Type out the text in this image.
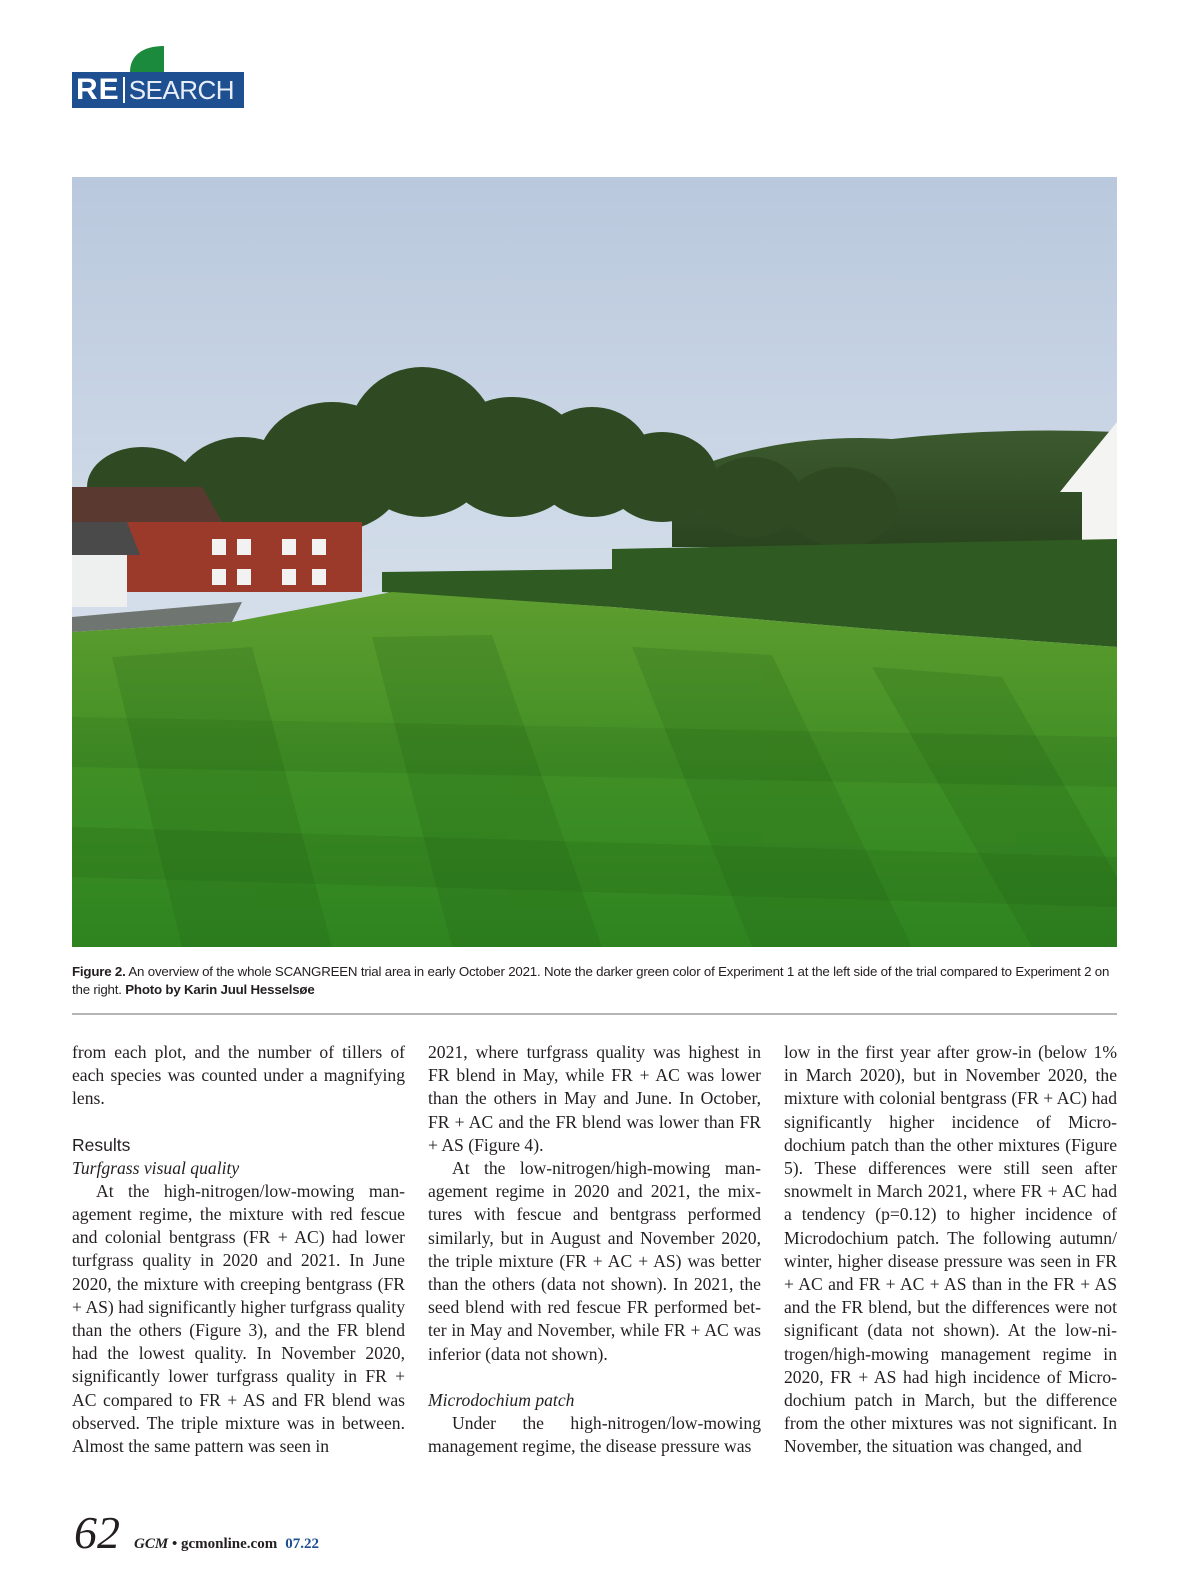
RE SEARCH
Figure 2. An overview of the whole SCANGREEN trial area in early October 2021. Note the darker green color of Experiment 1 at the left side of the trial compared to Experiment 2 on the right. Photo by Karin Juul Hesselsøe

from each plot, and the number of tillers of each species was counted under a magnifying lens.

Results

Turfgrass visual quality

At the high-nitrogen/low-mowing management regime, the mixture with red fescue and colonial bentgrass (FR + AC) had lower turfgrass quality in 2020 and 2021. In June 2020, the mixture with creeping bentgrass (FR + AS) had significantly higher turfgrass quality than the others (Figure 3), and the FR blend had the lowest quality. In November 2020, significantly lower turfgrass quality in FR + AC compared to FR + AS and FR blend was observed. The triple mixture was in between. Almost the same pattern was seen in

2021, where turfgrass quality was highest in FR blend in May, while FR + AC was lower than the others in May and June. In October, FR + AC and the FR blend was lower than FR + AS (Figure 4).

At the low-nitrogen/high-mowing management regime in 2020 and 2021, the mixtures with fescue and bentgrass performed similarly, but in August and November 2020, the triple mixture (FR + AC + AS) was better than the others (data not shown). In 2021, the seed blend with red fescue FR performed better in May and November, while FR + AC was inferior (data not shown).

Microdochium patch

Under the high-nitrogen/low-mowing management regime, the disease pressure was

low in the first year after grow-in (below 1% in March 2020), but in November 2020, the mixture with colonial bentgrass (FR + AC) had significantly higher incidence of Microdochium patch than the other mixtures (Figure 5). These differences were still seen after snowmelt in March 2021, where FR + AC had a tendency (p=0.12) to higher incidence of Microdochium patch. The following autumn/​winter, higher disease pressure was seen in FR + AC and FR + AC + AS than in the FR + AS and the FR blend, but the differences were not significant (data not shown). At the low-nitrogen/high-mowing management regime in 2020, FR + AS had high incidence of Microdochium patch in March, but the difference from the other mixtures was not significant. In November, the situation was changed, and

62 GCM • gcmonline.com 07.22
